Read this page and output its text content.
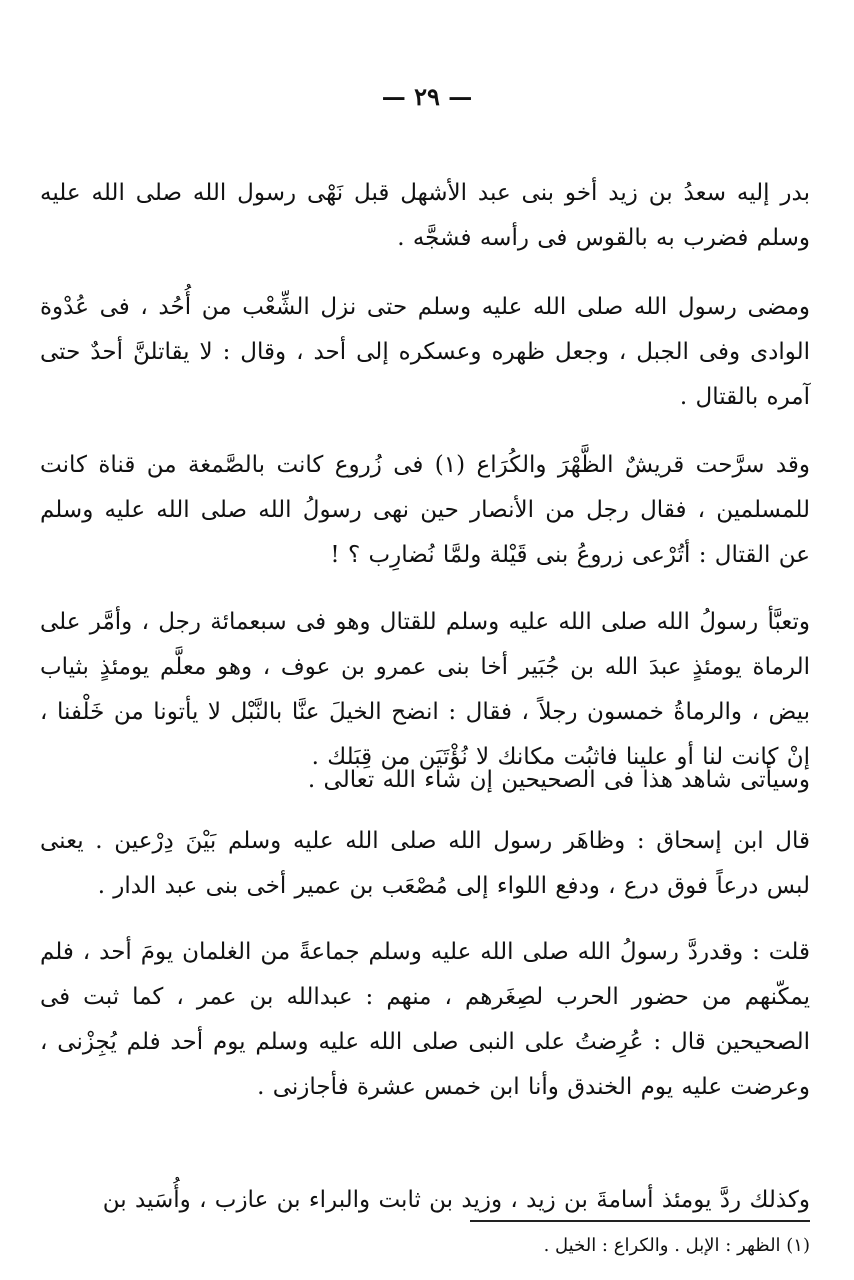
— ٢٩ —

بدر إليه سعدُ بن زيد أخو بنى عبد الأشهل قبل نَهْى رسول الله صلى الله عليه وسلم فضرب به بالقوس فى رأسه فشجَّه .

ومضى رسول الله صلى الله عليه وسلم حتى نزل الشِّعْب من أُحُد ، فى عُدْوة الوادى وفى الجبل ، وجعل ظهره وعسكره إلى أحد ، وقال : لا يقاتلنَّ أحدٌ حتى آمره بالقتال .

وقد سرَّحت قريشٌ الظَّهْرَ والكُرَاع (١) فى زُروع كانت بالصَّمغة من قناة كانت للمسلمين ، فقال رجل من الأنصار حين نهى رسولُ الله صلى الله عليه وسلم عن القتال : أتُرْعى زروعُ بنى قَيْلة ولمَّا نُضارِب ؟ !

وتعبَّأ رسولُ الله صلى الله عليه وسلم للقتال وهو فى سبعمائة رجل ، وأمَّر على الرماة يومئذٍ عبدَ الله بن جُبَير أخا بنى عمرو بن عوف ، وهو معلَّم يومئذٍ بثياب بيض ، والرماةُ خمسون رجلاً ، فقال : انضح الخيلَ عنَّا بالنَّبْل لا يأتونا من خَلْفنا ، إنْ كانت لنا أو علينا فاثبُت مكانك لا نُؤْتَيَن من قِبَلك .

وسيأتى شاهد هذا فى الصحيحين إن شاء الله تعالى .

قال ابن إسحاق : وظاهَر رسول الله صلى الله عليه وسلم بَيْنَ دِرْعين . يعنى لبس درعاً فوق درع ، ودفع اللواء إلى مُصْعَب بن عمير أخى بنى عبد الدار .

قلت : وقدردَّ رسولُ الله صلى الله عليه وسلم جماعةً من الغلمان يومَ أحد ، فلم يمكّنهم من حضور الحرب لصِغَرهم ، منهم : عبدالله بن عمر ، كما ثبت فى الصحيحين قال : عُرِضتُ على النبى صلى الله عليه وسلم يوم أحد فلم يُجِزْنى ، وعرضت عليه يوم الخندق وأنا ابن خمس عشرة فأجازنى .

وكذلك ردَّ يومئذ أسامةَ بن زيد ، وزيد بن ثابت والبراء بن عازب ، وأُسَيد بن

(١) الظهر : الإبل . والكراع : الخيل .
